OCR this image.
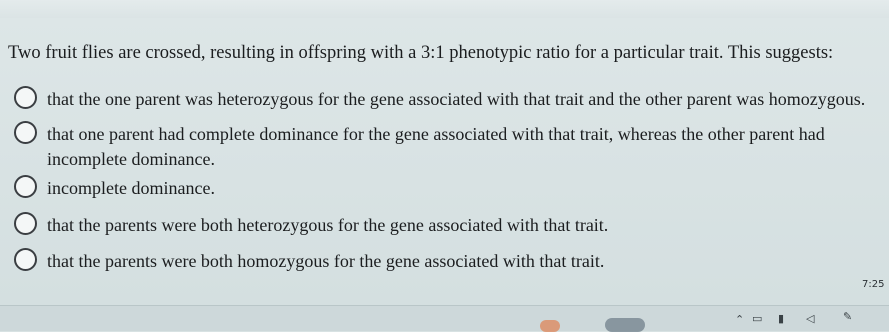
Two fruit flies are crossed, resulting in offspring with a 3:1 phenotypic ratio for a particular trait. This suggests:
that the one parent was heterozygous for the gene associated with that trait and the other parent was homozygous.
that one parent had complete dominance for the gene associated with that trait, whereas the other parent had
incomplete dominance.
incomplete dominance.
that the parents were both heterozygous for the gene associated with that trait.
that the parents were both homozygous for the gene associated with that trait.
⌃ ▭ ▮ ◁	✎
7:25
